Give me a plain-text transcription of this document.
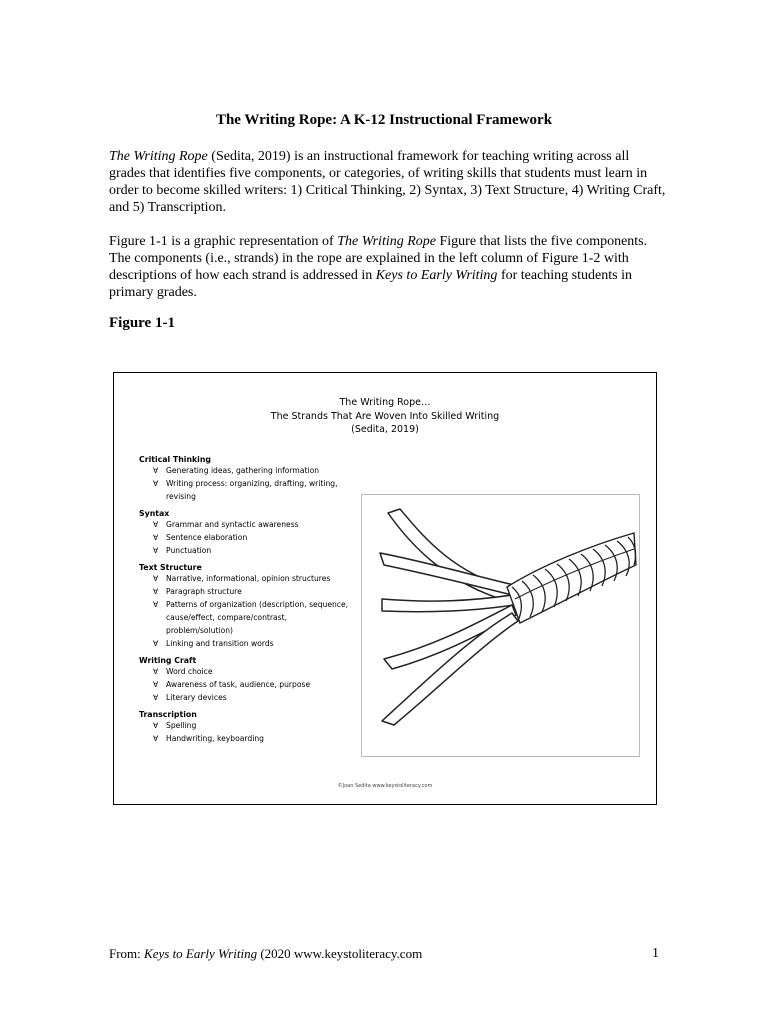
The Writing Rope: A K-12 Instructional Framework
The Writing Rope (Sedita, 2019) is an instructional framework for teaching writing across all grades that identifies five components, or categories, of writing skills that students must learn in order to become skilled writers: 1) Critical Thinking, 2) Syntax, 3) Text Structure, 4) Writing Craft, and 5) Transcription.
Figure 1-1 is a graphic representation of The Writing Rope Figure that lists the five components. The components (i.e., strands) in the rope are explained in the left column of Figure 1-2 with descriptions of how each strand is addressed in Keys to Early Writing for teaching students in primary grades.
Figure 1-1
The Writing Rope…
The Strands That Are Woven Into Skilled Writing
(Sedita, 2019)
Critical Thinking
∀ Generating ideas, gathering information
∀ Writing process: organizing, drafting, writing, revising
Syntax
∀ Grammar and syntactic awareness
∀ Sentence elaboration
∀ Punctuation
Text Structure
∀ Narrative, informational, opinion structures
∀ Paragraph structure
∀ Patterns of organization (description, sequence, cause/effect, compare/contrast, problem/solution)
∀ Linking and transition words
Writing Craft
∀ Word choice
∀ Awareness of task, audience, purpose
∀ Literary devices
Transcription
∀ Spelling
∀ Handwriting, keyboarding
©Joan Sedita www.keystoliteracy.com
From: Keys to Early Writing (2020 www.keystoliteracy.com	1
